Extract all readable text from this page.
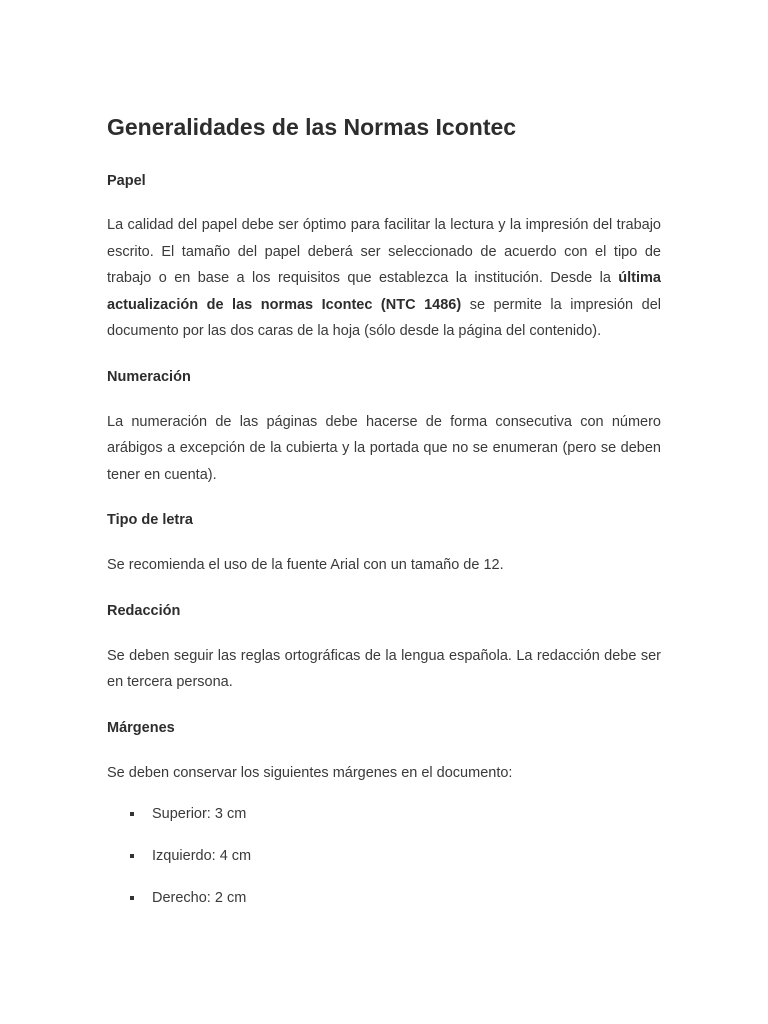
Generalidades de las Normas Icontec
Papel

La calidad del papel debe ser óptimo para facilitar la lectura y la impresión del trabajo escrito. El tamaño del papel deberá ser seleccionado de acuerdo con el tipo de trabajo o en base a los requisitos que establezca la institución. Desde la última actualización de las normas Icontec (NTC 1486) se permite la impresión del documento por las dos caras de la hoja (sólo desde la página del contenido).

Numeración

La numeración de las páginas debe hacerse de forma consecutiva con número arábigos a excepción de la cubierta y la portada que no se enumeran (pero se deben tener en cuenta).

Tipo de letra

Se recomienda el uso de la fuente Arial con un tamaño de 12.

Redacción

Se deben seguir las reglas ortográficas de la lengua española. La redacción debe ser en tercera persona.

Márgenes

Se deben conservar los siguientes márgenes en el documento:

Superior: 3 cm
Izquierdo: 4 cm
Derecho: 2 cm
